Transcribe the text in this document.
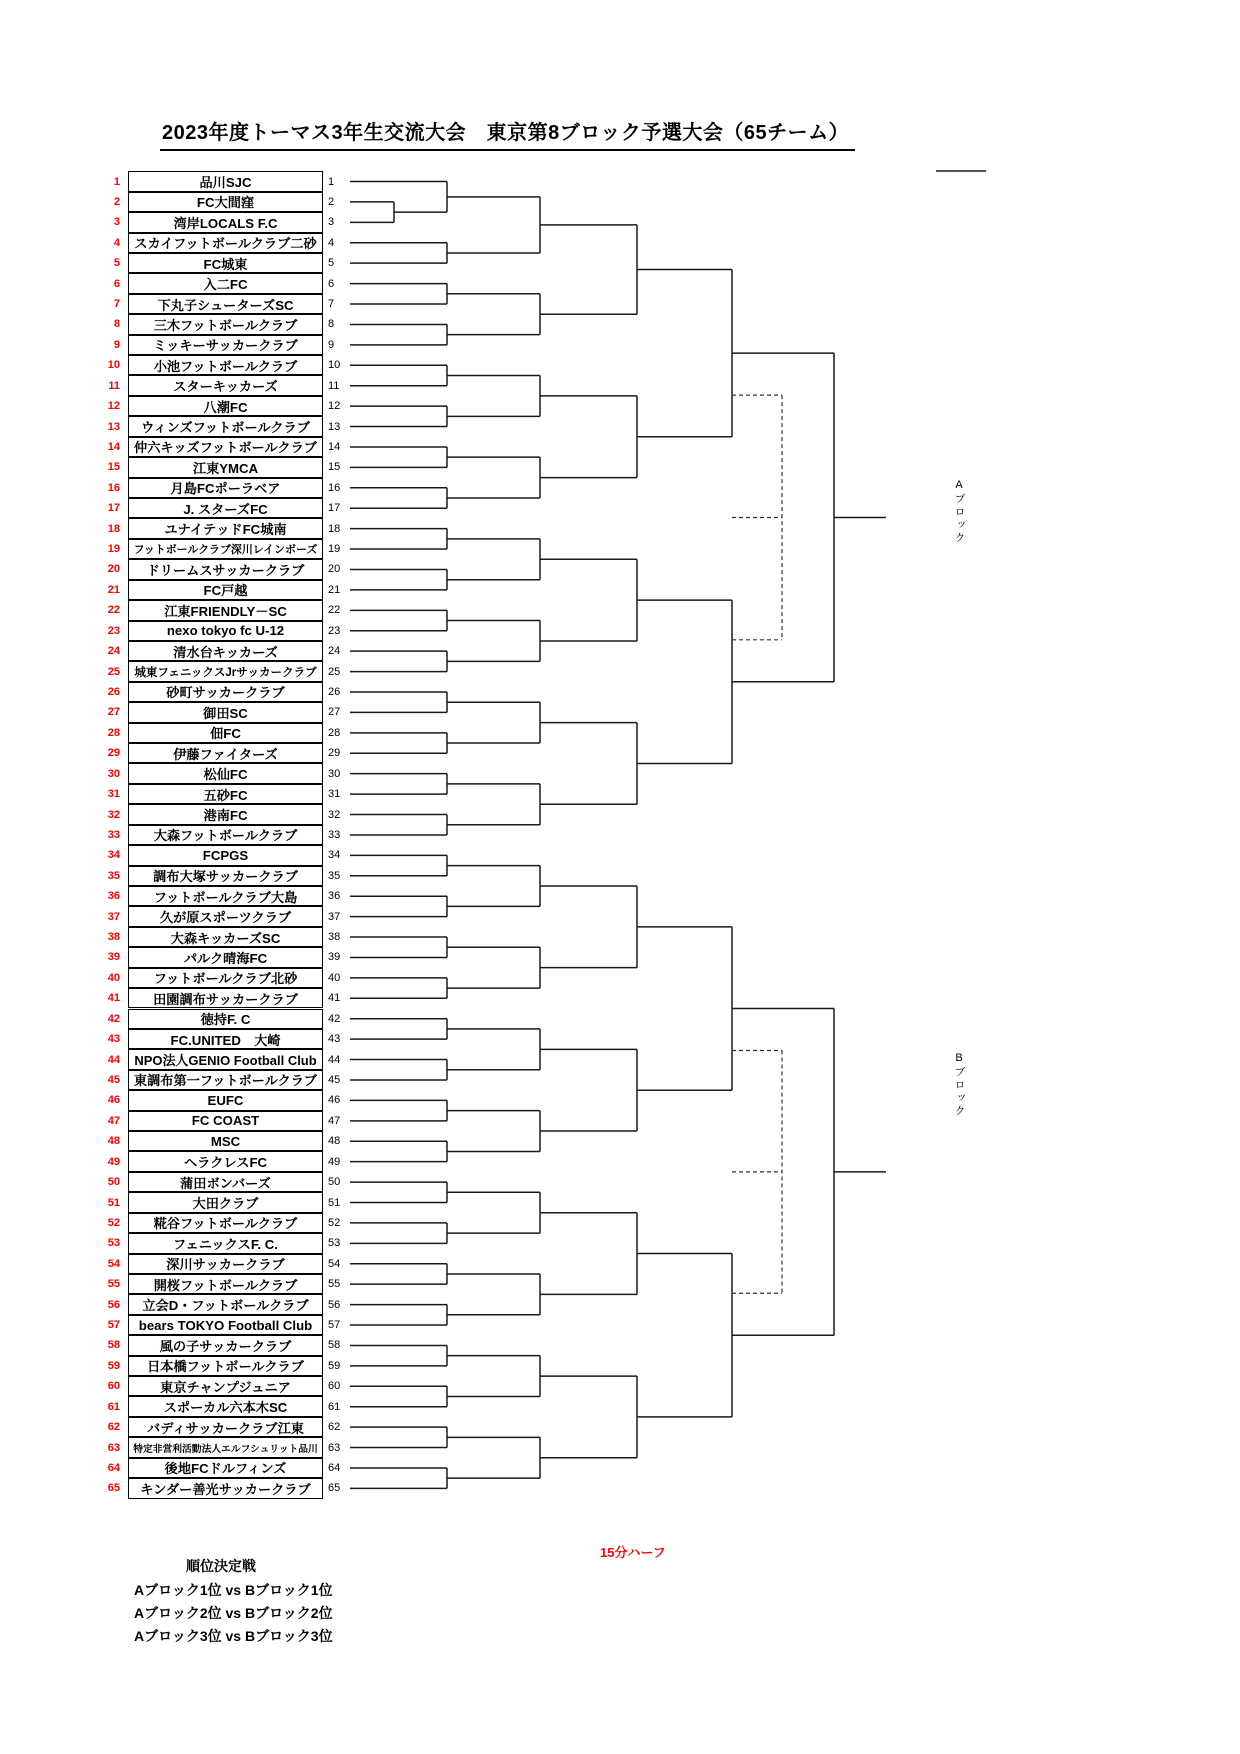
2023年度トーマス3年生交流大会　東京第8ブロック予選大会（65チーム）
1	品川SJC	1
2	FC大間窪	2
3	湾岸LOCALS F.C	3
4	スカイフットボールクラブ二砂	4
5	FC城東	5
6	入二FC	6
7	下丸子シューターズSC	7
8	三木フットボールクラブ	8
9	ミッキーサッカークラブ	9
10	小池フットボールクラブ	10
11	スターキッカーズ	11
12	八潮FC	12
13	ウィンズフットボールクラブ	13
14	仲六キッズフットボールクラブ	14
15	江東YMCA	15
16	月島FCポーラベア	16
17	J. スターズFC	17
18	ユナイテッドFC城南	18
19	フットボールクラブ深川レインボーズ 19
20	ドリームスサッカークラブ	20
21	FC戸越	21
22	江東FRIENDLY－SC	22
23	nexo tokyo fc U-12	23
24	清水台キッカーズ	24
25	城東フェニックスJrサッカークラブ	25
26	砂町サッカークラブ	26
27	御田SC	27
28	佃FC	28
29	伊藤ファイターズ	29
30	松仙FC	30
31	五砂FC	31
32	港南FC	32
33	大森フットボールクラブ	33
34	FCPGS	34
35	調布大塚サッカークラブ	35
36	フットボールクラブ大島	36
37	久が原スポーツクラブ	37
38	大森キッカーズSC	38
39	パルク晴海FC	39
40	フットボールクラブ北砂	40
41	田園調布サッカークラブ	41
42	徳持F. C	42
43	FC.UNITED　大崎	43
44	NPO法人GENIO Football Club	44
45	東調布第一フットボールクラブ 45
46	EUFC	46
47	FC COAST	47
48	MSC	48
49	ヘラクレスFC	49
50	蒲田ボンバーズ	50
51	大田クラブ	51
52	糀谷フットボールクラブ	52
53	フェニックスF. C.	53
54	深川サッカークラブ	54
55	開桜フットボールクラブ	55
56	立会D・フットボールクラブ	56
57	bears TOKYO Football Club	57
58	風の子サッカークラブ	58
59	日本橋フットボールクラブ	59
60	東京チャンプジュニア	60
61	スポーカル六本木SC	61
62	バディサッカークラブ江東	62
63	特定非営利活動法人エルフシュリット品川 63
64	後地FCドルフィンズ	64
65	キンダー善光サッカークラブ	65
Aブロック
Bブロック
15分ハーフ
順位決定戦
Aブロック1位 vs Bブロック1位
Aブロック2位 vs Bブロック2位
Aブロック3位 vs Bブロック3位
